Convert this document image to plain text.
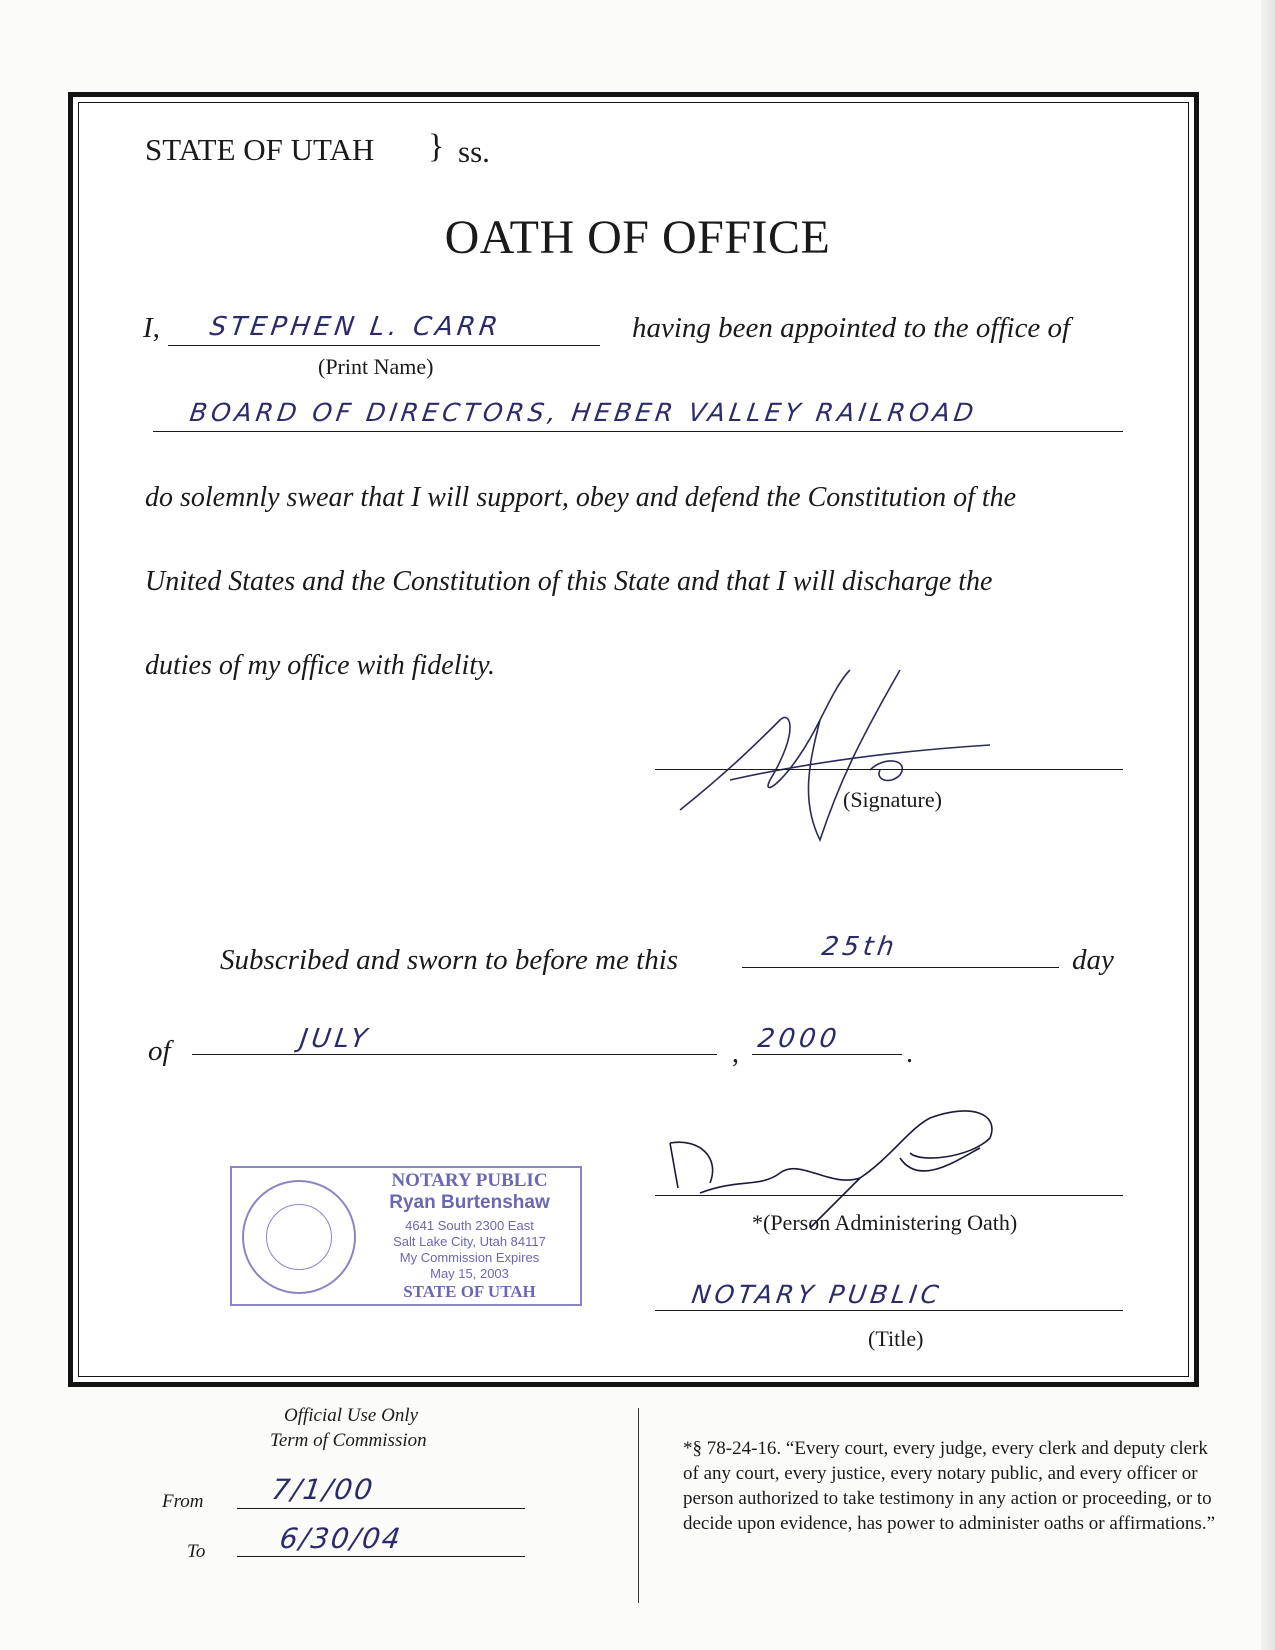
STATE OF UTAH } ss.
OATH OF OFFICE
I, STEPHEN L. CARR
(Print Name)
having been appointed to the office of
BOARD OF DIRECTORS, HEBER VALLEY RAILROAD
do solemnly swear that I will support, obey and defend the Constitution of the
United States and the Constitution of this State and that I will discharge the
duties of my office with fidelity.
(Signature)
Subscribed and sworn to before me this	25th	day
of	JULY	, 2000 .
NOTARY PUBLIC
Ryan Burtenshaw
4641 South 2300 East
Salt Lake City, Utah 84117
My Commission Expires
May 15, 2003
STATE OF UTAH
*(Person Administering Oath)
NOTARY PUBLIC
(Title)
Official Use Only
Term of Commission
From 7/1/00
To	6/30/04
*§ 78-24-16. “Every court, every judge, every clerk and deputy clerk of any court, every justice, every notary public, and every officer or person authorized to take testimony in any action or proceeding, or to decide upon evidence, has power to administer oaths or affirmations.”
